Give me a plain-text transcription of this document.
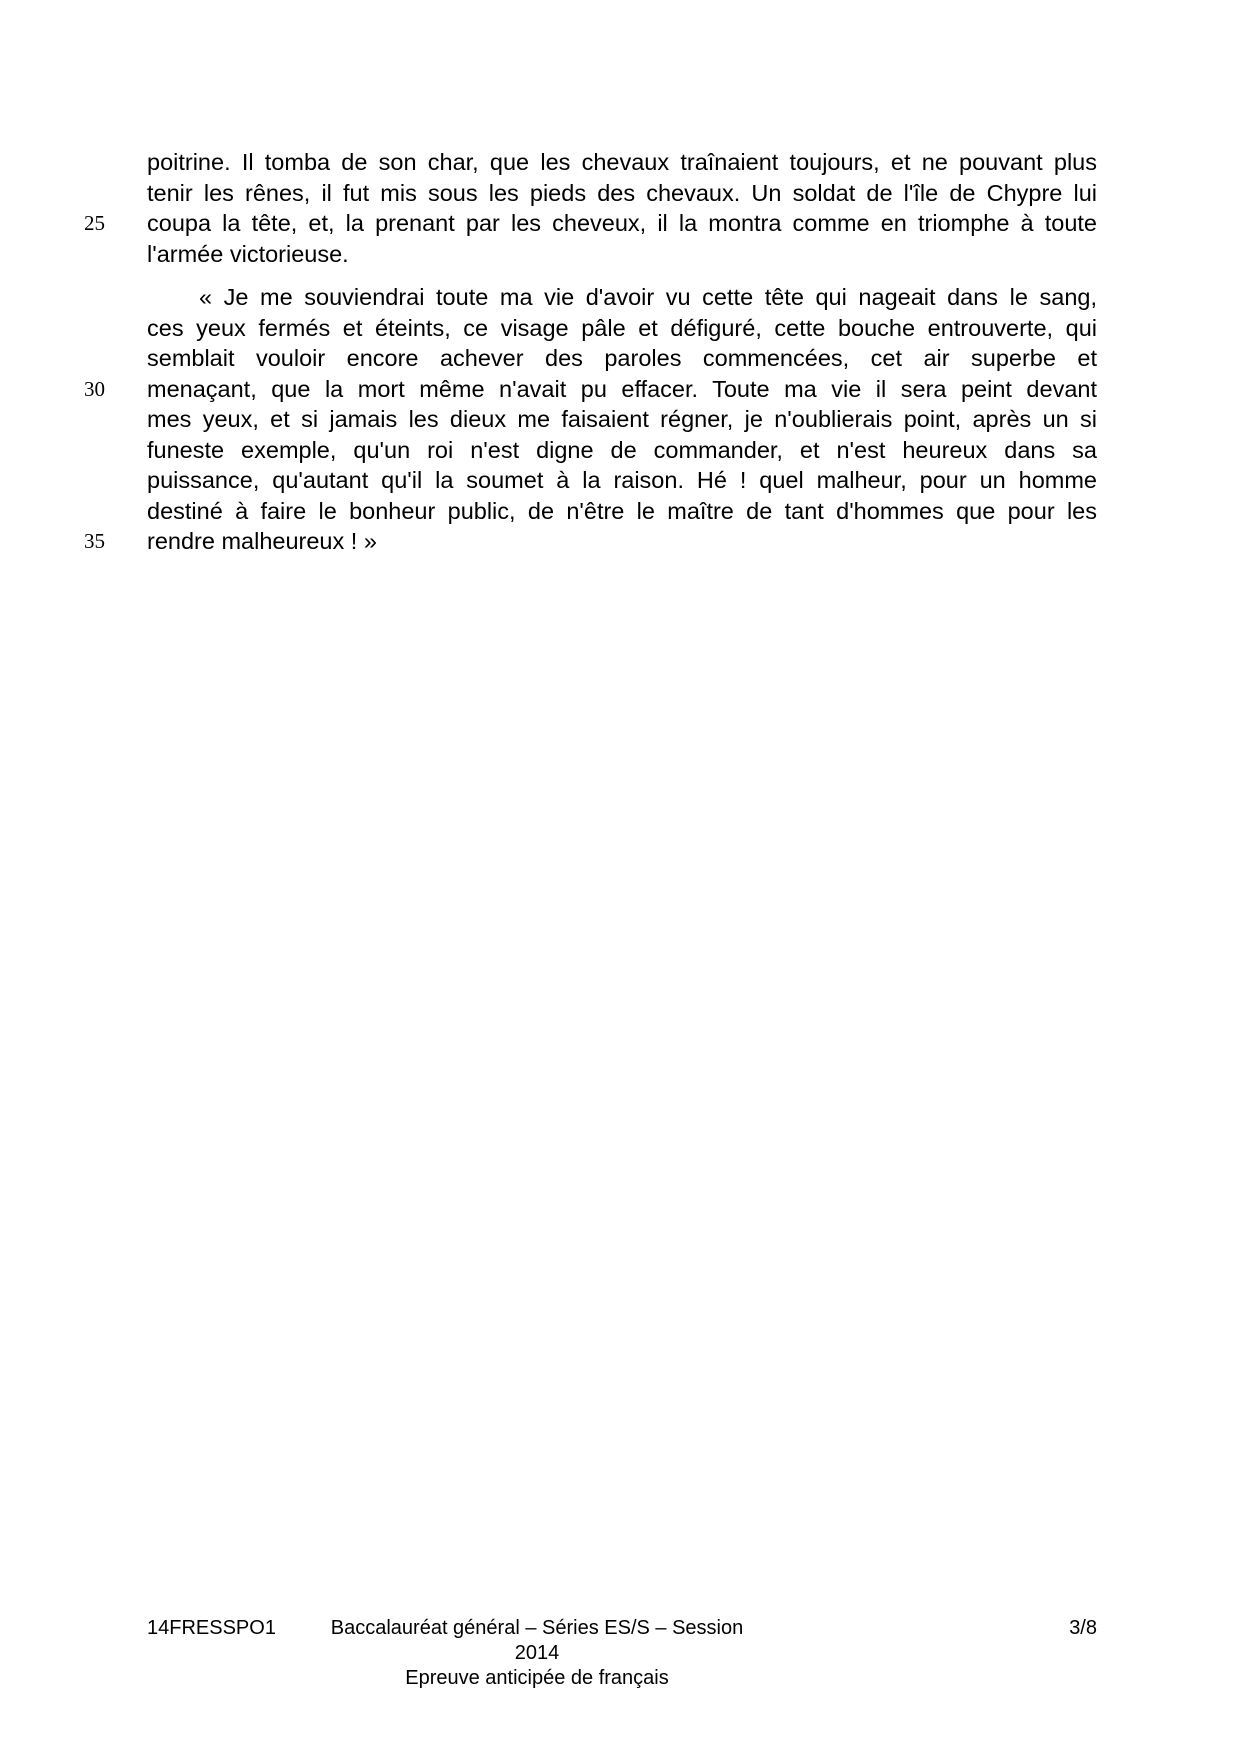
poitrine. Il tomba de son char, que les chevaux traînaient toujours, et ne pouvant plus
tenir les rênes, il fut mis sous les pieds des chevaux. Un soldat de l'île de Chypre lui
25 coupa la tête, et, la prenant par les cheveux, il la montra comme en triomphe à toute
l'armée victorieuse.
« Je me souviendrai toute ma vie d'avoir vu cette tête qui nageait dans le sang,
ces yeux fermés et éteints, ce visage pâle et défiguré, cette bouche entrouverte, qui
semblait vouloir encore achever des paroles commencées, cet air superbe et
30 menaçant, que la mort même n'avait pu effacer. Toute ma vie il sera peint devant
mes yeux, et si jamais les dieux me faisaient régner, je n'oublierais point, après un si
funeste exemple, qu'un roi n'est digne de commander, et n'est heureux dans sa
puissance, qu'autant qu'il la soumet à la raison. Hé ! quel malheur, pour un homme
destiné à faire le bonheur public, de n'être le maître de tant d'hommes que pour les
35 rendre malheureux ! »
14FRESSPO1	Baccalauréat général – Séries ES/S – Session 2014
Epreuve anticipée de français
3/8
